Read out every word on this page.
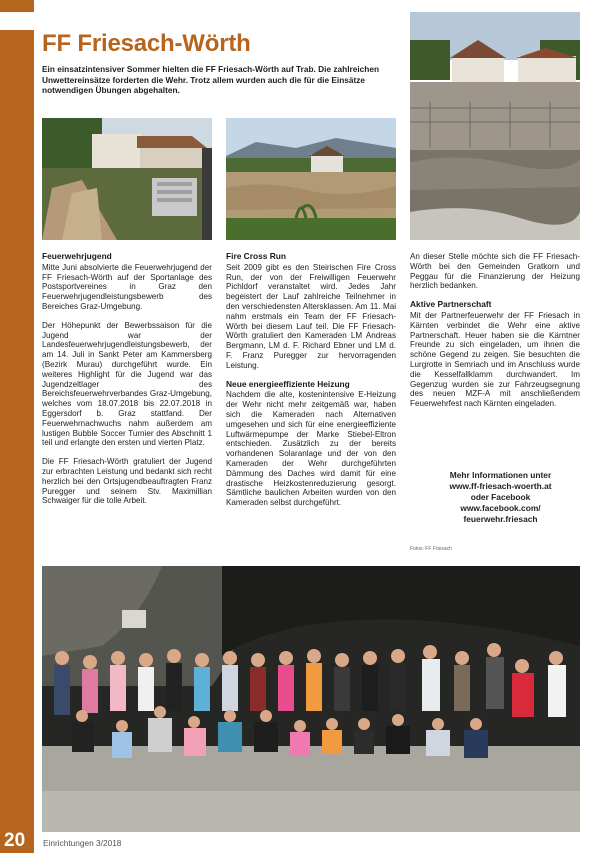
FF Friesach-Wörth
Ein einsatzintensiver Sommer hielten die FF Friesach-Wörth auf Trab. Die zahlreichen Unwettereinsätze forderten die Wehr. Trotz allem wurden auch die für die Einsätze notwendigen Übungen abgehalten.
Feuerwehrjugend

Mitte Juni absolvierte die Feuerwehrjugend der FF Friesach-Wörth auf der Sportanlage des Postsportvereines in Graz den Feuerwehrjugendleistungsbewerb des Bereiches Graz-Umgebung.

Der Höhepunkt der Bewerbssaison für die Jugend war der Landesfeuerwehrjugendleistungsbewerb, der am 14. Juli in Sankt Peter am Kammersberg (Bezirk Murau) durchgeführt wurde. Ein weiteres Highlight für die Jugend war das Jugendzeltlager des Bereichsfeuerwehrverbandes Graz-Umgebung, welches vom 18.07.2018 bis 22.07.2018 in Eggersdorf b. Graz stattfand. Der Feuerwehrnachwuchs nahm außerdem am lustigen Bubble Soccer Turnier des Abschnitt 1 teil und erlangte den ersten und vierten Platz.

Die FF Friesach-Wörth gratuliert der Jugend zur erbrachten Leistung und bedankt sich recht herzlich bei den Ortsjugendbeauftragten Franz Puregger und seinem Stv. Maximillian Schwaiger für die tolle Arbeit.

Fire Cross Run

Seit 2009 gibt es den Steirischen Fire Cross Run, der von der Freiwilligen Feuerwehr Pichldorf veranstaltet wird. Jedes Jahr begeistert der Lauf zahlreiche Teilnehmer in den verschiedensten Altersklassen. Am 11. Mai nahm erstmals ein Team der FF Friesach-Wörth bei diesem Lauf teil. Die FF Friesach-Wörth gratuliert den Kameraden LM Andreas Bergmann, LM d. F. Richard Ebner und LM d. F. Franz Puregger zur hervorragenden Leistung.

Neue energieeffiziente Heizung

Nachdem die alte, kostenintensive E-Heizung der Wehr nicht mehr zeitgemäß war, haben sich die Kameraden nach Alternativen umgesehen und sich für eine energieeffiziente Luftwärmepumpe der Marke Stiebel-Eltron entschieden. Zusätzlich zu der bereits vorhandenen Solaranlage und der von den Kameraden der Wehr durchgeführten Dämmung des Daches wird damit für eine drastische Heizkostenreduzierung gesorgt. Sämtliche baulichen Arbeiten wurden von den Kameraden selbst durchgeführt.

An dieser Stelle möchte sich die FF Friesach-Wörth bei den Gemeinden Gratkorn und Peggau für die Finanzierung der Heizung herzlich bedanken.

Aktive Partnerschaft

Mit der Partnerfeuerwehr der FF Friesach in Kärnten verbindet die Wehr eine aktive Partnerschaft. Heuer haben sie die Kärntner Freunde zu sich eingeladen, um ihnen die schöne Gegend zu zeigen. Sie besuchten die Lurgrotte in Semriach und im Anschluss wurde die Kesselfallklamm durchwandert. Im Gegenzug wurden sie zur Fahrzeugsegnung des neuen MZF-A mit anschließendem Feuerwehrfest nach Kärnten eingeladen.

Mehr Informationen unter
www.ff-friesach-woerth.at
oder Facebook
www.facebook.com/
feuerwehr.friesach
Fotos: FF Friesach
20 Einrichtungen 3/2018
